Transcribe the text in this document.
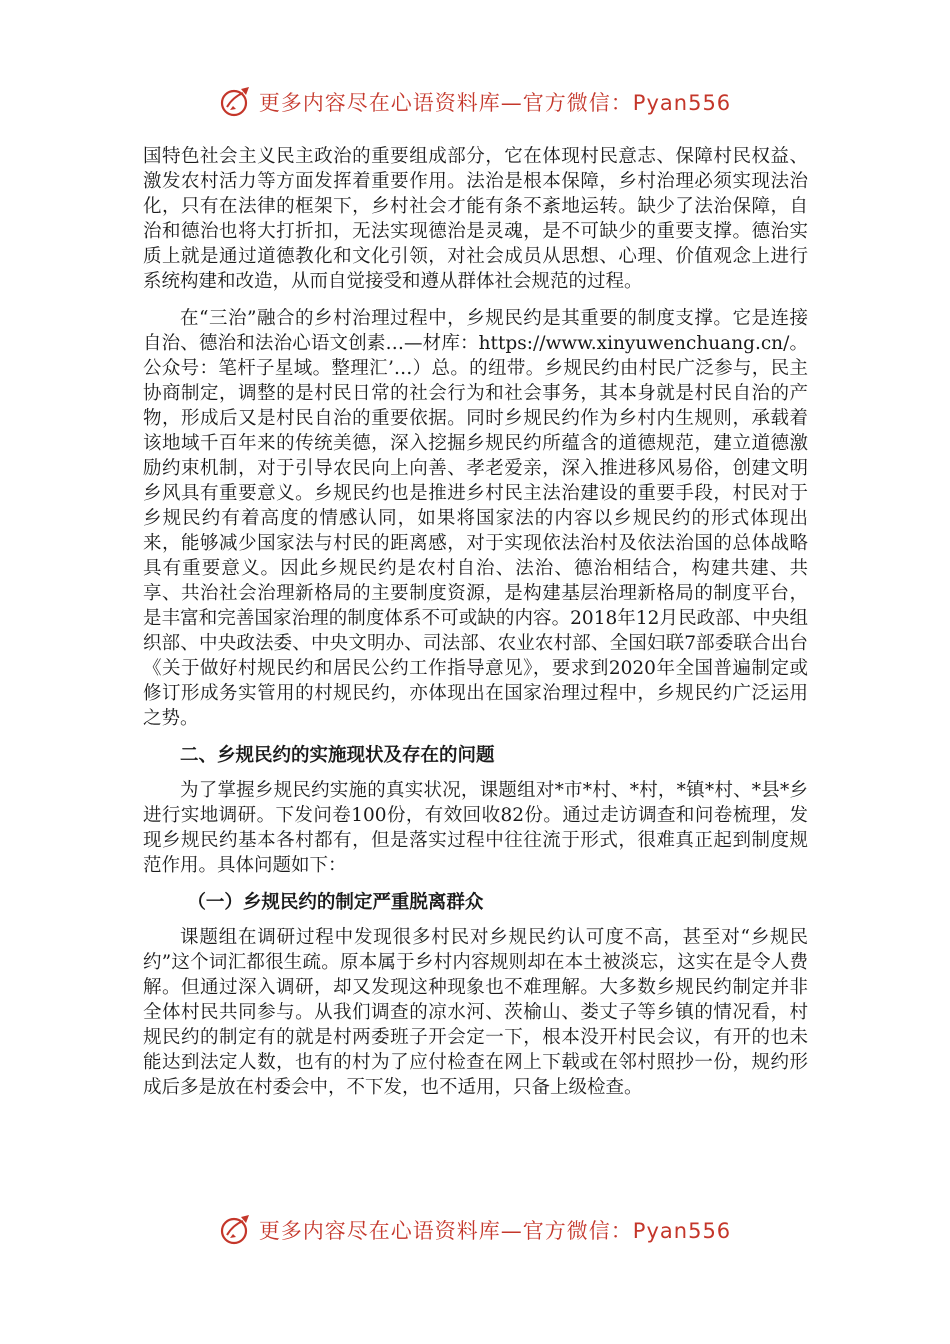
更多内容尽在心语资料库—官方微信：Pyan556

国特色社会主义民主政治的重要组成部分，它在体现村民意志、保障村民权益、激发农村活力等方面发挥着重要作用。法治是根本保障，乡村治理必须实现法治化，只有在法律的框架下，乡村社会才能有条不紊地运转。缺少了法治保障，自治和德治也将大打折扣，无法实现德治是灵魂，是不可缺少的重要支撑。德治实质上就是通过道德教化和文化引领，对社会成员从思想、心理、价值观念上进行系统构建和改造，从而自觉接受和遵从群体社会规范的过程。

在“三治”融合的乡村治理过程中，乡规民约是其重要的制度支撑。它是连接自治、德治和法治心语文创素…—材库：https://www.xinyuwenchuang.cn/。公众号：笔杆子星域。整理汇’…）总。的纽带。乡规民约由村民广泛参与，民主协商制定，调整的是村民日常的社会行为和社会事务，其本身就是村民自治的产物，形成后又是村民自治的重要依据。同时乡规民约作为乡村内生规则，承载着该地域千百年来的传统美德，深入挖掘乡规民约所蕴含的道德规范，建立道德激励约束机制，对于引导农民向上向善、孝老爱亲，深入推进移风易俗，创建文明乡风具有重要意义。乡规民约也是推进乡村民主法治建设的重要手段，村民对于乡规民约有着高度的情感认同，如果将国家法的内容以乡规民约的形式体现出来，能够减少国家法与村民的距离感，对于实现依法治村及依法治国的总体战略具有重要意义。因此乡规民约是农村自治、法治、德治相结合，构建共建、共享、共治社会治理新格局的主要制度资源，是构建基层治理新格局的制度平台，是丰富和完善国家治理的制度体系不可或缺的内容。2018年12月民政部、中央组织部、中央政法委、中央文明办、司法部、农业农村部、全国妇联7部委联合出台《关于做好村规民约和居民公约工作指导意见》，要求到2020年全国普遍制定或修订形成务实管用的村规民约，亦体现出在国家治理过程中，乡规民约广泛运用之势。

二、乡规民约的实施现状及存在的问题

为了掌握乡规民约实施的真实状况，课题组对*市*村、*村，*镇*村、*县*乡进行实地调研。下发问卷100份，有效回收82份。通过走访调查和问卷梳理，发现乡规民约基本各村都有，但是落实过程中往往流于形式，很难真正起到制度规范作用。具体问题如下：

（一）乡规民约的制定严重脱离群众

课题组在调研过程中发现很多村民对乡规民约认可度不高，甚至对“乡规民约”这个词汇都很生疏。原本属于乡村内容规则却在本土被淡忘，这实在是令人费解。但通过深入调研，却又发现这种现象也不难理解。大多数乡规民约制定并非全体村民共同参与。从我们调查的凉水河、茨榆山、娄丈子等乡镇的情况看，村规民约的制定有的就是村两委班子开会定一下，根本没开村民会议，有开的也未能达到法定人数，也有的村为了应付检查在网上下载或在邻村照抄一份，规约形成后多是放在村委会中，不下发，也不适用，只备上级检查。

更多内容尽在心语资料库—官方微信：Pyan556
